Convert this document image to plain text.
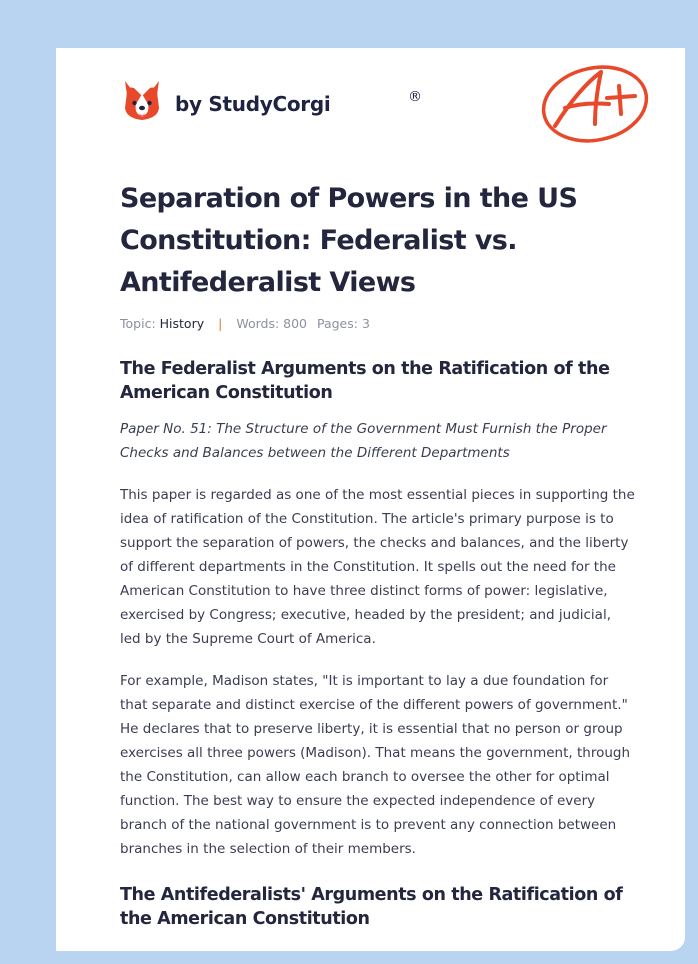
by StudyCorgi	®
Separation of Powers in the US Constitution: Federalist vs. Antifederalist Views
Topic: History | Words: 800 Pages: 3
The Federalist Arguments on the Ratification of the American Constitution

Paper No. 51: The Structure of the Government Must Furnish the Proper Checks and Balances between the Different Departments

This paper is regarded as one of the most essential pieces in supporting the idea of ratification of the Constitution. The article's primary purpose is to support the separation of powers, the checks and balances, and the liberty of different departments in the Constitution. It spells out the need for the American Constitution to have three distinct forms of power: legislative, exercised by Congress; executive, headed by the president; and judicial, led by the Supreme Court of America.

For example, Madison states, "It is important to lay a due foundation for that separate and distinct exercise of the different powers of government." He declares that to preserve liberty, it is essential that no person or group exercises all three powers (Madison). That means the government, through the Constitution, can allow each branch to oversee the other for optimal function. The best way to ensure the expected independence of every branch of the national government is to prevent any connection between branches in the selection of their members.

The Antifederalists' Arguments on the Ratification of the American Constitution
